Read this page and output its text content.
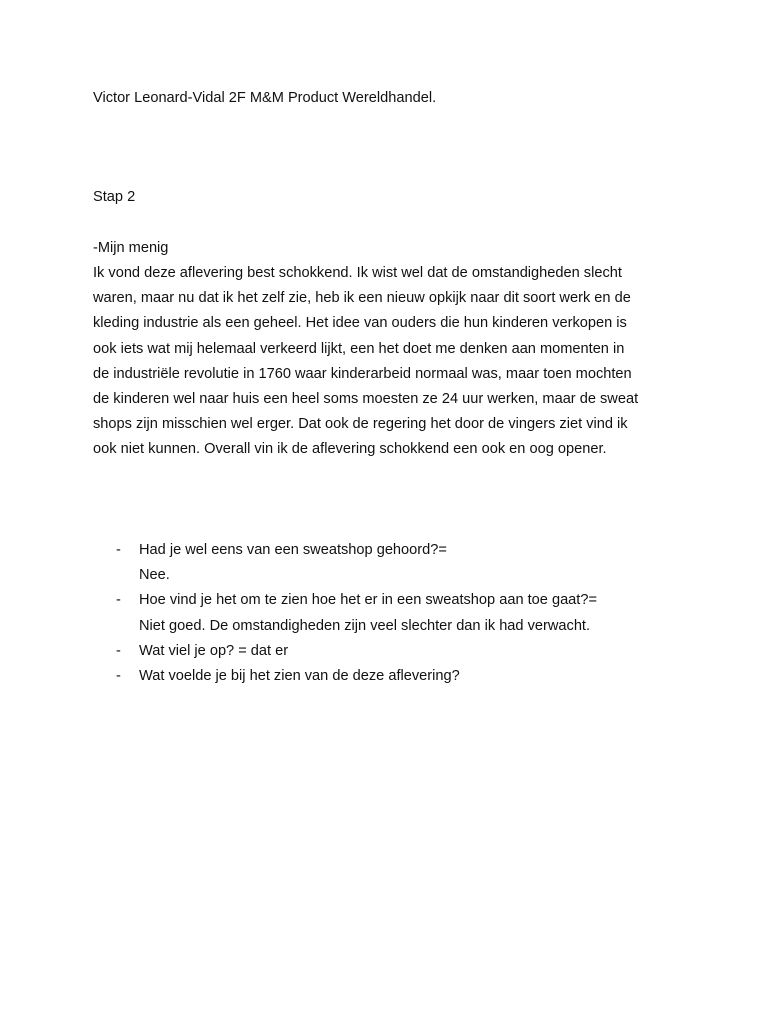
Victor Leonard-Vidal 2F M&M Product Wereldhandel.

Stap 2

-Mijn menig

Ik vond deze aflevering best schokkend. Ik wist wel dat de omstandigheden slecht
waren, maar nu dat ik het zelf zie, heb ik een nieuw opkijk naar dit soort werk en de
kleding industrie als een geheel. Het idee van ouders die hun kinderen verkopen is
ook iets wat mij helemaal verkeerd lijkt, een het doet me denken aan momenten in
de industriële revolutie in 1760 waar kinderarbeid normaal was, maar toen mochten
de kinderen wel naar huis een heel soms moesten ze 24 uur werken, maar de sweat
shops zijn misschien wel erger. Dat ook de regering het door de vingers ziet vind ik
ook niet kunnen. Overall vin ik de aflevering schokkend een ook en oog opener.

- Had je wel eens van een sweatshop gehoord?=
Nee.
- Hoe vind je het om te zien hoe het er in een sweatshop aan toe gaat?=
Niet goed. De omstandigheden zijn veel slechter dan ik had verwacht.
- Wat viel je op? = dat er
- Wat voelde je bij het zien van de deze aflevering?
